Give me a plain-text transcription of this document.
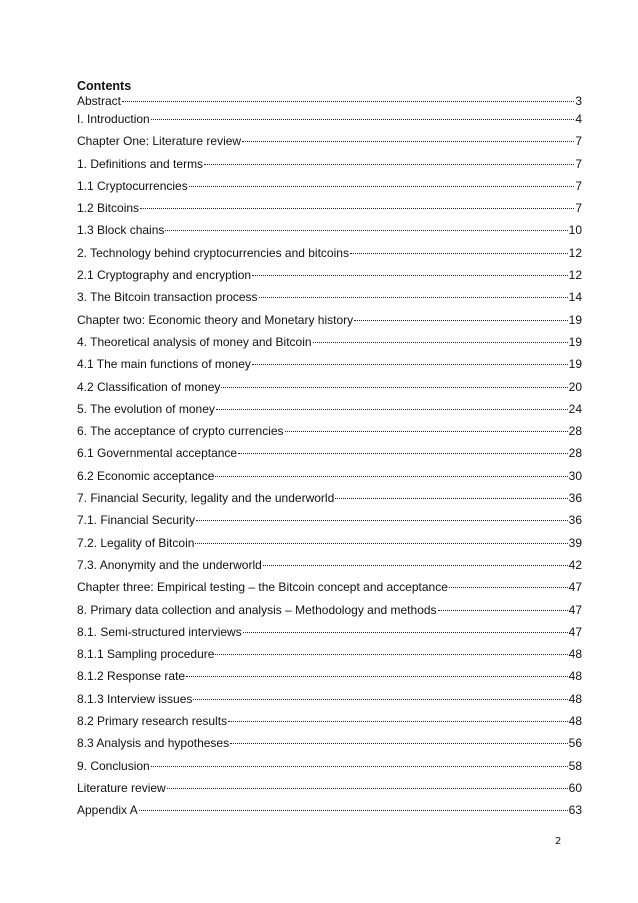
Contents
Abstract	3
I. Introduction	4
Chapter One: Literature review	7
1. Definitions and terms	7
1.1 Cryptocurrencies	7
1.2 Bitcoins	7
1.3 Block chains	10
2. Technology behind cryptocurrencies and bitcoins	12
2.1 Cryptography and encryption	12
3. The Bitcoin transaction process	14
Chapter two: Economic theory and Monetary history	19
4. Theoretical analysis of money and Bitcoin	19
4.1 The main functions of money	19
4.2 Classification of money	20
5. The evolution of money	24
6. The acceptance of crypto currencies	28
6.1 Governmental acceptance	28
6.2 Economic acceptance	30
7. Financial Security, legality and the underworld	36
7.1. Financial Security	36
7.2. Legality of Bitcoin	39
7.3. Anonymity and the underworld	42
Chapter three: Empirical testing – the Bitcoin concept and acceptance	47
8. Primary data collection and analysis – Methodology and methods	47
8.1. Semi-structured interviews	47
8.1.1 Sampling procedure	48
8.1.2 Response rate	48
8.1.3 Interview issues	48
8.2 Primary research results	48
8.3 Analysis and hypotheses	56
9. Conclusion	58
Literature review	60
Appendix A	63
2
